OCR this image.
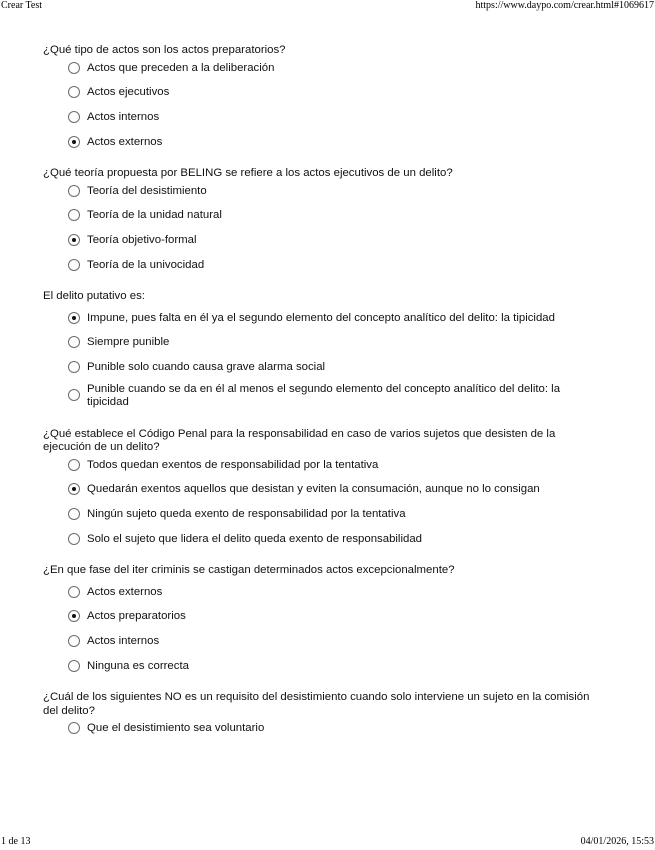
Crear Test	https://www.daypo.com/crear.html#1069617

¿Qué tipo de actos son los actos preparatorios?

Actos que preceden a la deliberación
Actos ejecutivos
Actos internos
Actos externos

¿Qué teoría propuesta por BELING se refiere a los actos ejecutivos de un delito?

Teoría del desistimiento
Teoría de la unidad natural
Teoría objetivo-formal
Teoría de la univocidad

El delito putativo es:

Impune, pues falta en él ya el segundo elemento del concepto analítico del delito: la tipicidad
Siempre punible
Punible solo cuando causa grave alarma social
Punible cuando se da en él al menos el segundo elemento del concepto analítico del delito: la tipicidad

¿Qué establece el Código Penal para la responsabilidad en caso de varios sujetos que desisten de la ejecución de un delito?

Todos quedan exentos de responsabilidad por la tentativa
Quedarán exentos aquellos que desistan y eviten la consumación, aunque no lo consigan
Ningún sujeto queda exento de responsabilidad por la tentativa
Solo el sujeto que lidera el delito queda exento de responsabilidad

¿En que fase del iter criminis se castigan determinados actos excepcionalmente?

Actos externos
Actos preparatorios
Actos internos
Ninguna es correcta

¿Cuál de los siguientes NO es un requisito del desistimiento cuando solo interviene un sujeto en la comisión del delito?

Que el desistimiento sea voluntario
1 de 13	04/01/2026, 15:53
